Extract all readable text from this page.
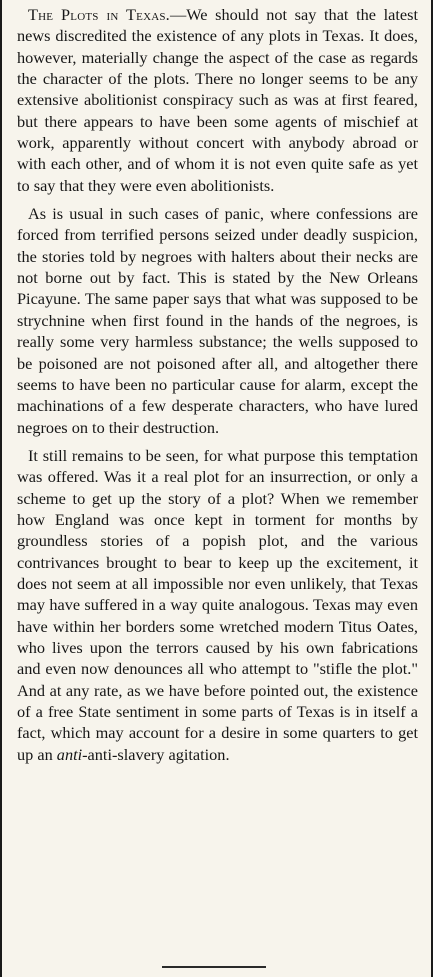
The Plots in Texas.—We should not say that the latest news discredited the existence of any plots in Texas. It does, however, materially change the aspect of the case as regards the character of the plots. There no longer seems to be any extensive abolitionist conspiracy such as was at first feared, but there appears to have been some agents of mischief at work, apparently without concert with anybody abroad or with each other, and of whom it is not even quite safe as yet to say that they were even abolitionists.

As is usual in such cases of panic, where confessions are forced from terrified persons seized under deadly suspicion, the stories told by negroes with halters about their necks are not borne out by fact. This is stated by the New Orleans Picayune. The same paper says that what was supposed to be strychnine when first found in the hands of the negroes, is really some very harmless substance; the wells supposed to be poisoned are not poisoned after all, and altogether there seems to have been no particular cause for alarm, except the machinations of a few desperate characters, who have lured negroes on to their destruction.

It still remains to be seen, for what purpose this temptation was offered. Was it a real plot for an insurrection, or only a scheme to get up the story of a plot? When we remember how England was once kept in torment for months by groundless stories of a popish plot, and the various contrivances brought to bear to keep up the excitement, it does not seem at all impossible nor even unlikely, that Texas may have suffered in a way quite analogous. Texas may even have within her borders some wretched modern Titus Oates, who lives upon the terrors caused by his own fabrications and even now denounces all who attempt to "stifle the plot." And at any rate, as we have before pointed out, the existence of a free State sentiment in some parts of Texas is in itself a fact, which may account for a desire in some quarters to get up an anti-anti-slavery agitation.
